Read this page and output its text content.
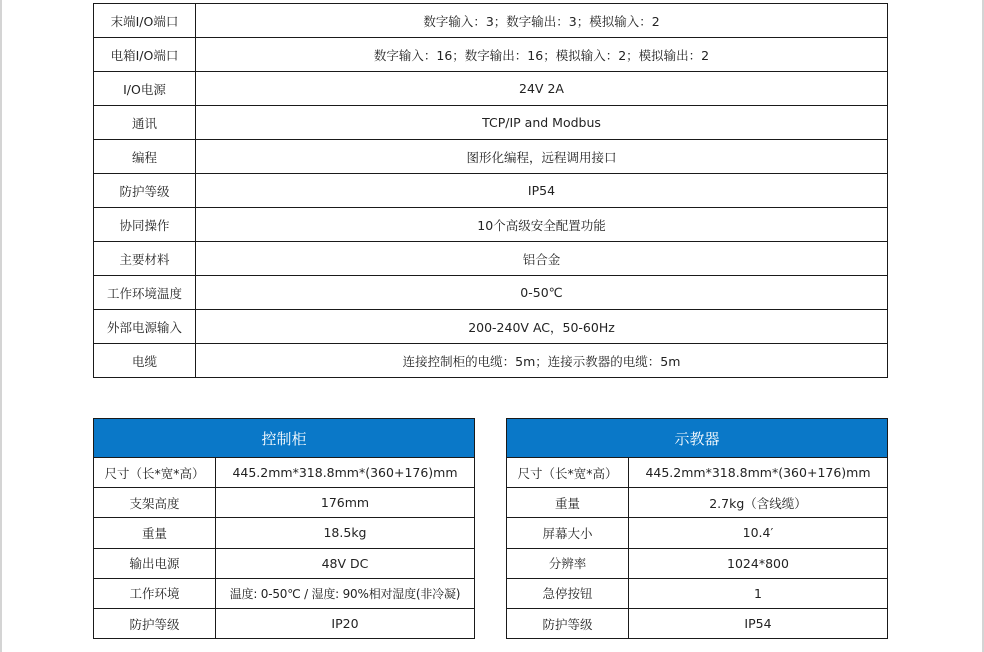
末端I/O端口	数字输入：3；数字输出：3；模拟输入：2
电箱I/O端口	数字输入：16；数字输出：16；模拟输入：2；模拟输出：2
I/O电源	24V 2A
通讯	TCP/IP and Modbus
编程	图形化编程，远程调用接口
防护等级	IP54
协同操作	10个高级安全配置功能
主要材料	铝合金
工作环境温度	0-50℃
外部电源输入	200-240V AC，50-60Hz
电缆	连接控制柜的电缆：5m；连接示教器的电缆：5m
控制柜	
尺寸（长*宽*高）	445.2mm*318.8mm*(360+176)mm
支架高度	176mm
重量	18.5kg
输出电源	48V DC
工作环境	温度: 0-50℃ / 湿度: 90%相对湿度(非冷凝)
防护等级	IP20
示教器	
尺寸（长*宽*高）	445.2mm*318.8mm*(360+176)mm
重量	2.7kg（含线缆）
屏幕大小	10.4′
分辨率	1024*800
急停按钮	1
防护等级	IP54
